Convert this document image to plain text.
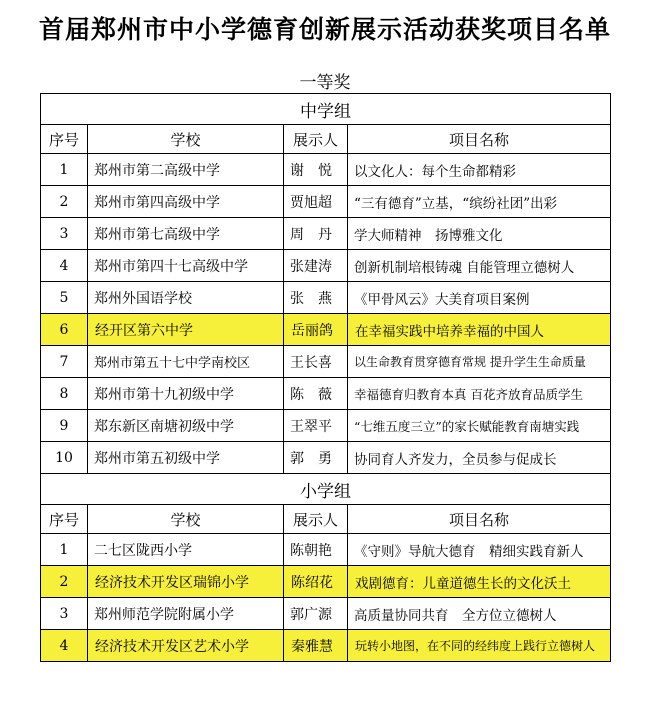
首届郑州市中小学德育创新展示活动获奖项目名单
一等奖
中学组			
序号	学校	展示人	项目名称
1	郑州市第二高级中学	谢　悦	以文化人：每个生命都精彩
2	郑州市第四高级中学	贾旭超	“三有德育”立基，“缤纷社团”出彩
3	郑州市第七高级中学	周　丹	学大师精神　扬博雅文化
4	郑州市第四十七高级中学	张建涛	创新机制培根铸魂 自能管理立德树人
5	郑州外国语学校	张　燕	《甲骨风云》大美育项目案例
6	经开区第六中学	岳丽鸽	在幸福实践中培养幸福的中国人
7	郑州市第五十七中学南校区	王长喜	以生命教育贯穿德育常规 提升学生生命质量
8	郑州市第十九初级中学	陈　薇	幸福德育归教育本真 百花齐放育品质学生
9	郑东新区南塘初级中学	王翠平	“七维五度三立”的家长赋能教育南塘实践
10	郑州市第五初级中学	郭　勇	协同育人齐发力，全员参与促成长
小学组			
序号	学校	展示人	项目名称
1	二七区陇西小学	陈朝艳	《守则》导航大德育　精细实践育新人
2	经济技术开发区瑞锦小学	陈绍花	戏剧德育：儿童道德生长的文化沃土
3	郑州师范学院附属小学	郭广源	高质量协同共育　全方位立德树人
4	经济技术开发区艺术小学	秦雅慧	玩转小地图，在不同的经纬度上践行立德树人
